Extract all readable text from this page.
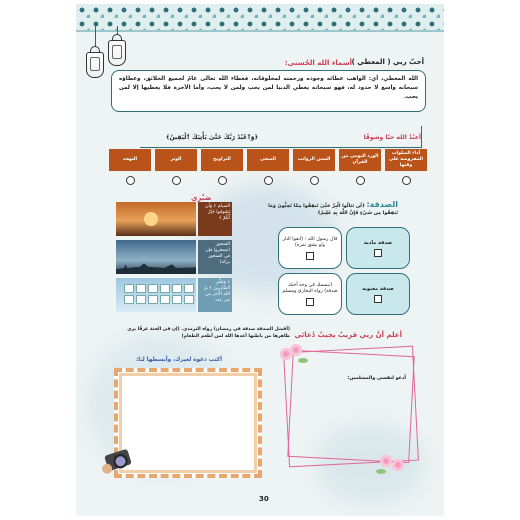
أحبّ ربي ( المعطي )
أسماء الله الحُسنى:
الله المعطي، أي: الواهب عطائه وجوده ورحمته لمخلوقاته، فعطاء الله تعالى عامٌ لجميع الخلائق، وعطاؤه سبحانه واسع لا حدود له، فهو سبحانه يعطي الدنيا لمن يحب ولمن لا يحب، وأما الآخرة فلا يعطيها إلا لمن يحب.
أعبُدُ الله حبًا وشوقًا
﴿وَٱعْبُدْ رَبَّكَ حَتَّىٰ يَأْتِيَكَ ٱلْيَقِينُ﴾
أداء الصلوات المفروضة على وقتها
الورد اليومي من القرآن
السنن الرواتب
الضحى
التراويح
الوتر
التهجد
صَبْري
الصيام ﴿ وَأَن تَصُومُوا خَيْرٌ لَّكُمْ ﴾
السحور (تسحروا فإن في السحور بركة)
﴿ وَبَشِّرِ الصَّابِرِينَ ﴾ برّ الله الأجر من غير عدد
الصدقة: ﴿لَن تَنَالُوا الْبِرَّ حَتَّىٰ تُنفِقُوا مِمَّا تُحِبُّونَ وَمَا تُنفِقُوا مِن شَيْءٍ فَإِنَّ اللَّهَ بِهِ عَلِيمٌ﴾
صدقة مادية
قال رسول الله : (اتقوا النار ولو بشق تمرة)
صدقة معنوية
(تبسمك في وجه أخيك صدقة) رواه البخاري ومسلم
(أفضل الصدقة صدقة في رمضان) رواه الترمذي. (إن في الجنة غرفًا يرى ظاهرها من باطنها أعدها الله لمن أطعم الطعام)
أكتب دعوة لغيرك، وأبسطها لنا:
أعلم أنَّ ربي قريبٌ يجيبُ دُعائي
أدعو لنفسي والمسلمين:
30
